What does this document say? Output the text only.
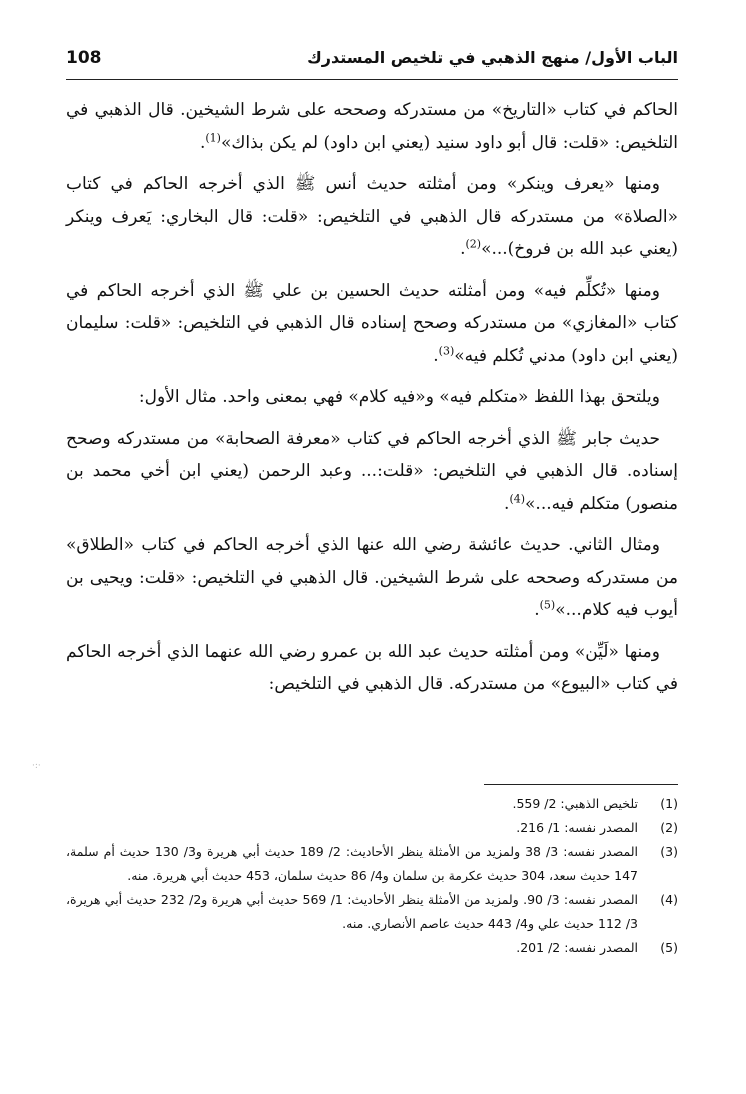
الباب الأول/ منهج الذهبي في تلخيص المستدرك
108

الحاكم في كتاب «التاريخ» من مستدركه وصححه على شرط الشيخين. قال الذهبي في التلخيص: «قلت: قال أبو داود سنيد (يعني ابن داود) لم يكن بذاك»$^{(1)}$.

ومنها «يعرف وينكر» ومن أمثلته حديث أنس ﷺ الذي أخرجه الحاكم في كتاب «الصلاة» من مستدركه قال الذهبي في التلخيص: «قلت: قال البخاري: يَعرف وينكر (يعني عبد الله بن فروخ)...»$^{(2)}$.

ومنها «تُكلِّم فيه» ومن أمثلته حديث الحسين بن علي ﷺ الذي أخرجه الحاكم في كتاب «المغازي» من مستدركه وصحح إسناده قال الذهبي في التلخيص: «قلت: سليمان (يعني ابن داود) مدني تُكلم فيه»$^{(3)}$.

ويلتحق بهذا اللفظ «متكلم فيه» و«فيه كلام» فهي بمعنى واحد. مثال الأول:

حديث جابر ﷺ الذي أخرجه الحاكم في كتاب «معرفة الصحابة» من مستدركه وصحح إسناده. قال الذهبي في التلخيص: «قلت:... وعبد الرحمن (يعني ابن أخي محمد بن منصور) متكلم فيه...»$^{(4)}$.

ومثال الثاني. حديث عائشة رضي الله عنها الذي أخرجه الحاكم في كتاب «الطلاق» من مستدركه وصححه على شرط الشيخين. قال الذهبي في التلخيص: «قلت: ويحيى بن أيوب فيه كلام...»$^{(5)}$.

ومنها «لَيِّن» ومن أمثلته حديث عبد الله بن عمرو رضي الله عنهما الذي أخرجه الحاكم في كتاب «البيوع» من مستدركه. قال الذهبي في التلخيص:

·:·
(1)
تلخيص الذهبي: 2/ 559.
(2)
المصدر نفسه: 1/ 216.
(3)
المصدر نفسه: 3/ 38 ولمزيد من الأمثلة ينظر الأحاديث: 2/ 189 حديث أبي هريرة و3/ 130 حديث أم سلمة، 147 حديث سعد، 304 حديث عكرمة بن سلمان و4/ 86 حديث سلمان، 453 حديث أبي هريرة. منه.
(4)
المصدر نفسه: 3/ 90. ولمزيد من الأمثلة ينظر الأحاديث: 1/ 569 حديث أبي هريرة و2/ 232 حديث أبي هريرة، 3/ 112 حديث علي و4/ 443 حديث عاصم الأنصاري. منه.
(5)
المصدر نفسه: 2/ 201.
